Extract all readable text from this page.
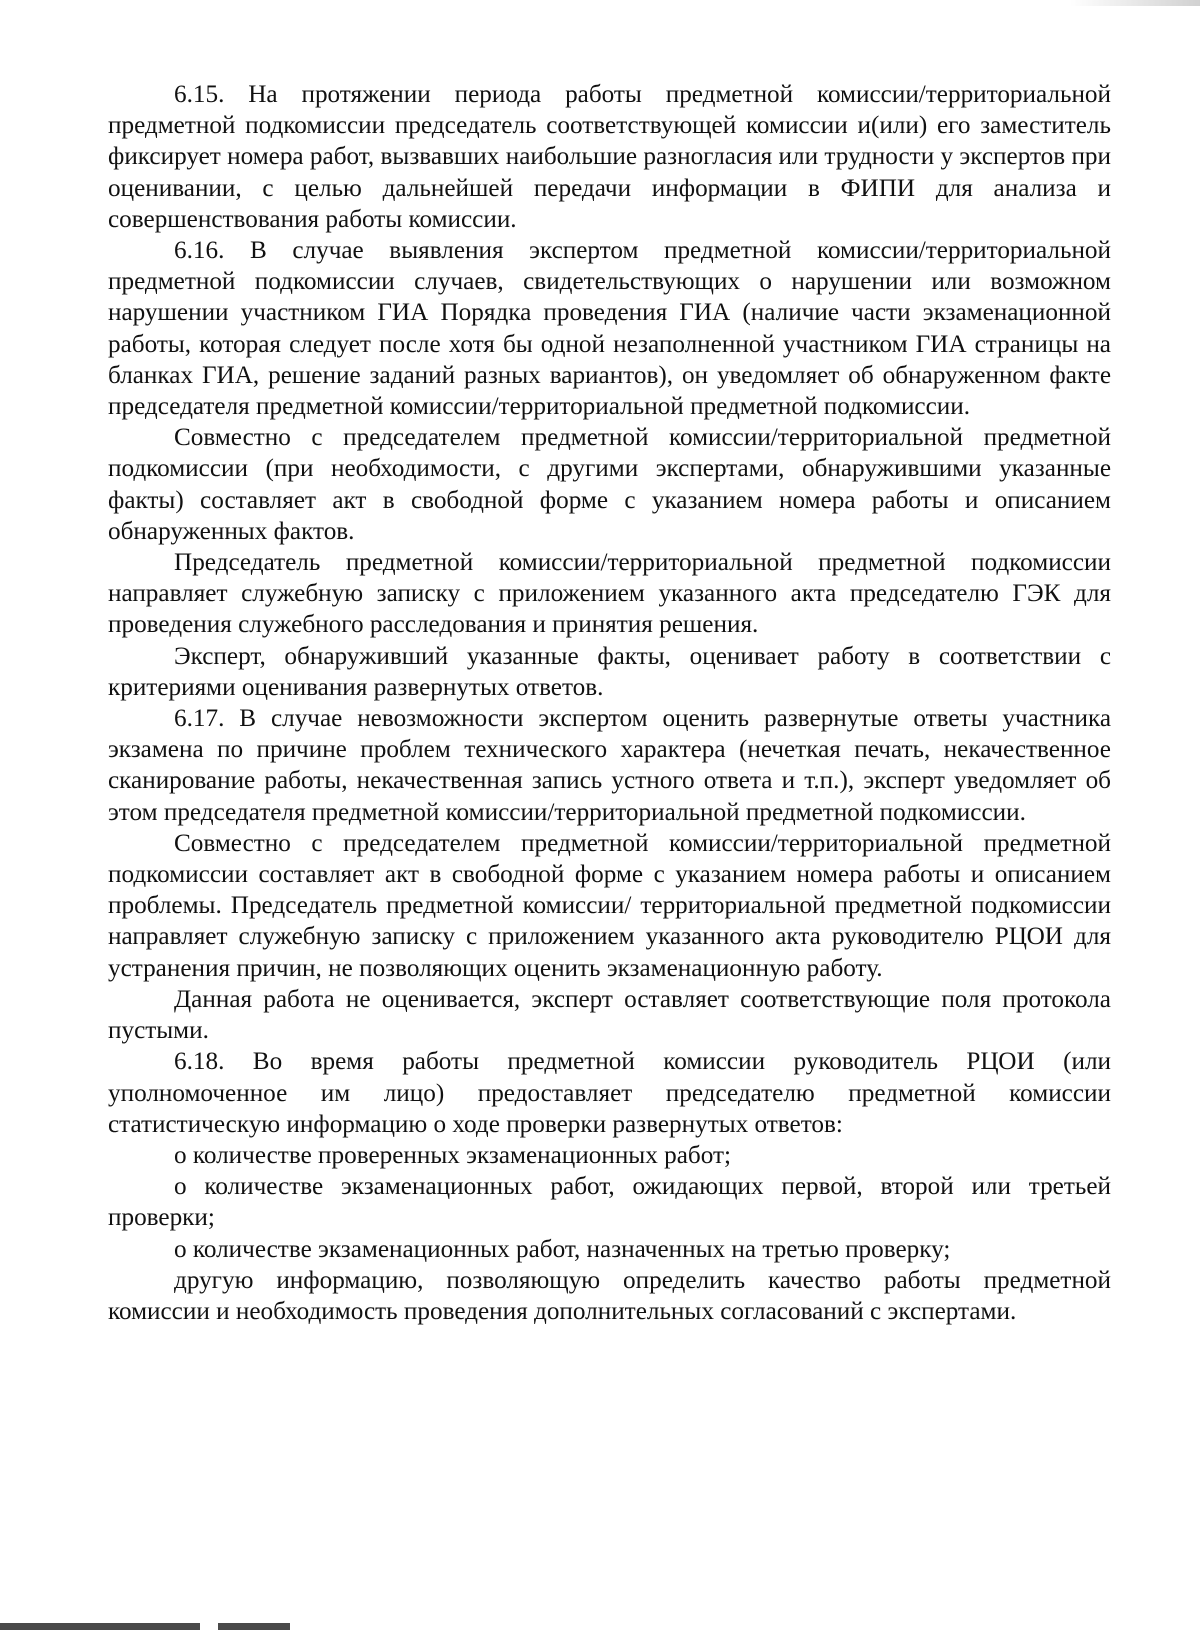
6.15. На протяжении периода работы предметной комиссии/территориальной предметной подкомиссии председатель соответствующей комиссии и(или) его заместитель фиксирует номера работ, вызвавших наибольшие разногласия или трудности у экспертов при оценивании, с целью дальнейшей передачи информации в ФИПИ для анализа и совершенствования работы комиссии.

6.16. В случае выявления экспертом предметной комиссии/территориальной предметной подкомиссии случаев, свидетельствующих о нарушении или возможном нарушении участником ГИА Порядка проведения ГИА (наличие части экзаменационной работы, которая следует после хотя бы одной незаполненной участником ГИА страницы на бланках ГИА, решение заданий разных вариантов), он уведомляет об обнаруженном факте председателя предметной комиссии/территориальной предметной подкомиссии.

Совместно с председателем предметной комиссии/территориальной предметной подкомиссии (при необходимости, с другими экспертами, обнаружившими указанные факты) составляет акт в свободной форме с указанием номера работы и описанием обнаруженных фактов.

Председатель предметной комиссии/территориальной предметной подкомиссии направляет служебную записку с приложением указанного акта председателю ГЭК для проведения служебного расследования и принятия решения.

Эксперт, обнаруживший указанные факты, оценивает работу в соответствии с критериями оценивания развернутых ответов.

6.17. В случае невозможности экспертом оценить развернутые ответы участника экзамена по причине проблем технического характера (нечеткая печать, некачественное сканирование работы, некачественная запись устного ответа и т.п.), эксперт уведомляет об этом председателя предметной комиссии/территориальной предметной подкомиссии.

Совместно с председателем предметной комиссии/территориальной предметной подкомиссии составляет акт в свободной форме с указанием номера работы и описанием проблемы. Председатель предметной комиссии/ территориальной предметной подкомиссии направляет служебную записку с приложением указанного акта руководителю РЦОИ для устранения причин, не позволяющих оценить экзаменационную работу.

Данная работа не оценивается, эксперт оставляет соответствующие поля протокола пустыми.

6.18. Во время работы предметной комиссии руководитель РЦОИ (или уполномоченное им лицо) предоставляет председателю предметной комиссии статистическую информацию о ходе проверки развернутых ответов:

о количестве проверенных экзаменационных работ;

о количестве экзаменационных работ, ожидающих первой, второй или третьей проверки;

о количестве экзаменационных работ, назначенных на третью проверку;

другую информацию, позволяющую определить качество работы предметной комиссии и необходимость проведения дополнительных согласований с экспертами.
